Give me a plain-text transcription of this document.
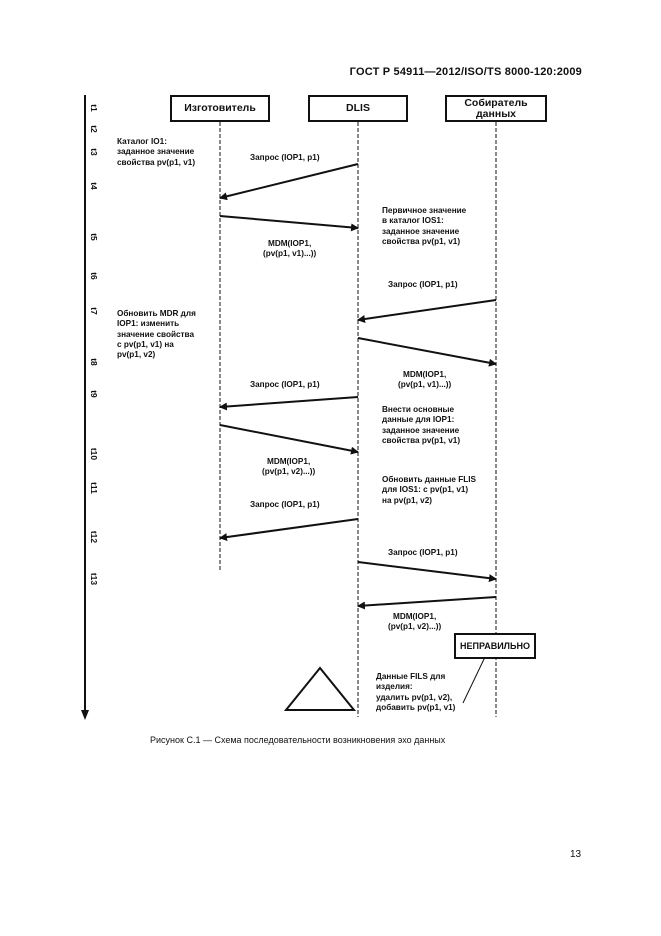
ГОСТ Р 54911—2012/ISO/TS 8000-120:2009
Изготовитель	DLIS	Собиратель
данных
t1
t2
t3
t4
t5
t6
t7
t8
t9
t10
t11
t12
t13
Запрос (IOP1, p1)
MDM(IOP1,
(pv(p1, v1)...))
Запрос (IOP1, p1)
MDM(IOP1,
(pv(p1, v1)...))
Запрос (IOP1, p1)
MDM(IOP1,
(pv(p1, v2)...))
Запрос (IOP1, p1)
Запрос (IOP1, p1)
MDM(IOP1,
(pv(p1, v2)...))
Каталог IO1:
заданное значение
свойства pv(p1, v1)
Первичное значение
в каталог IOS1:
заданное значение
свойства pv(p1, v1)
Обновить MDR для
IOP1: изменить
значение свойства
с pv(p1, v1) на
pv(p1, v2)
Внести основные
данные для IOP1:
заданное значение
свойства pv(p1, v1)
Обновить данные FLIS
для IOS1: с pv(p1, v1)
на pv(p1, v2)
Данные FILS для
изделия:
удалить pv(p1, v2),
добавить pv(p1, v1)
НЕПРАВИЛЬНО
Рисунок С.1 — Схема последовательности возникновения эхо данных
13
